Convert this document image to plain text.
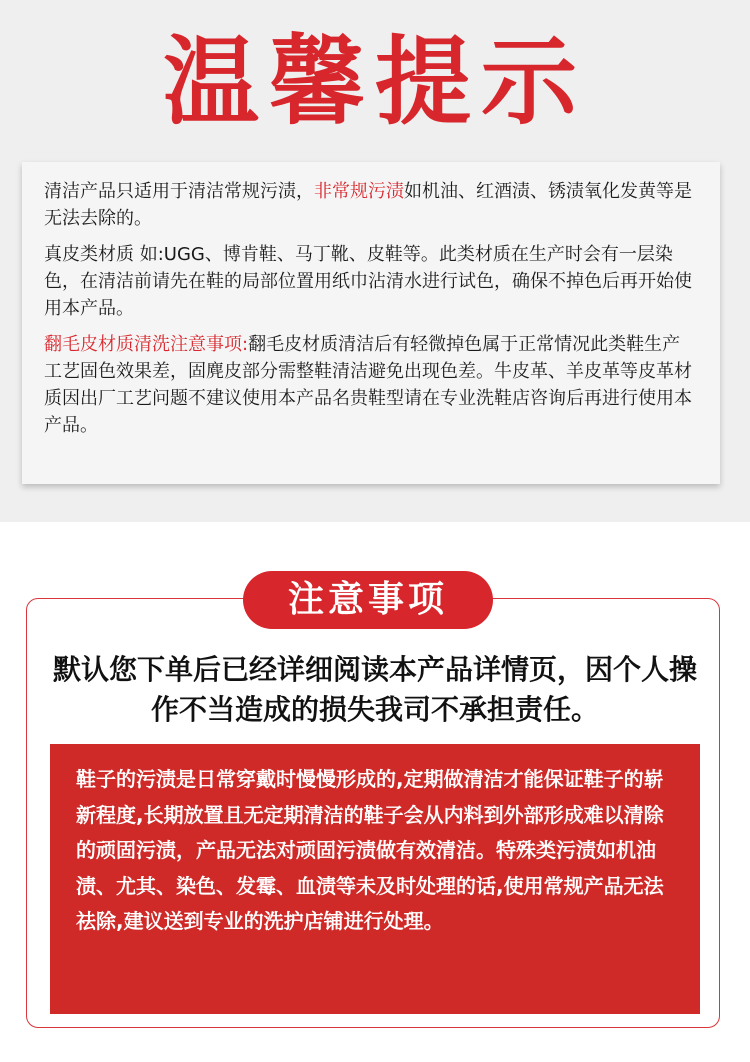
温馨提示

清洁产品只适用于清洁常规污渍，非常规污渍如机油、红酒渍、锈渍氧化发黄等是无法去除的。

真皮类材质 如:UGG、博肯鞋、马丁靴、皮鞋等。此类材质在生产时会有一层染色，在清洁前请先在鞋的局部位置用纸巾沾清水进行试色，确保不掉色后再开始使用本产品。

翻毛皮材质清洗注意事项:翻毛皮材质清洁后有轻微掉色属于正常情况此类鞋生产工艺固色效果差，固麂皮部分需整鞋清洁避免出现色差。牛皮革、羊皮革等皮革材质因出厂工艺问题不建议使用本产品名贵鞋型请在专业洗鞋店咨询后再进行使用本产品。

注意事项
默认您下单后已经详细阅读本产品详情页，因个人操作不当造成的损失我司不承担责任。
鞋子的污渍是日常穿戴时慢慢形成的,定期做清洁才能保证鞋子的崭新程度,长期放置且无定期清洁的鞋子会从内料到外部形成难以清除的顽固污渍，产品无法对顽固污渍做有效清洁。特殊类污渍如机油渍、尤其、染色、发霉、血渍等未及时处理的话,使用常规产品无法祛除,建议送到专业的洗护店铺进行处理。
